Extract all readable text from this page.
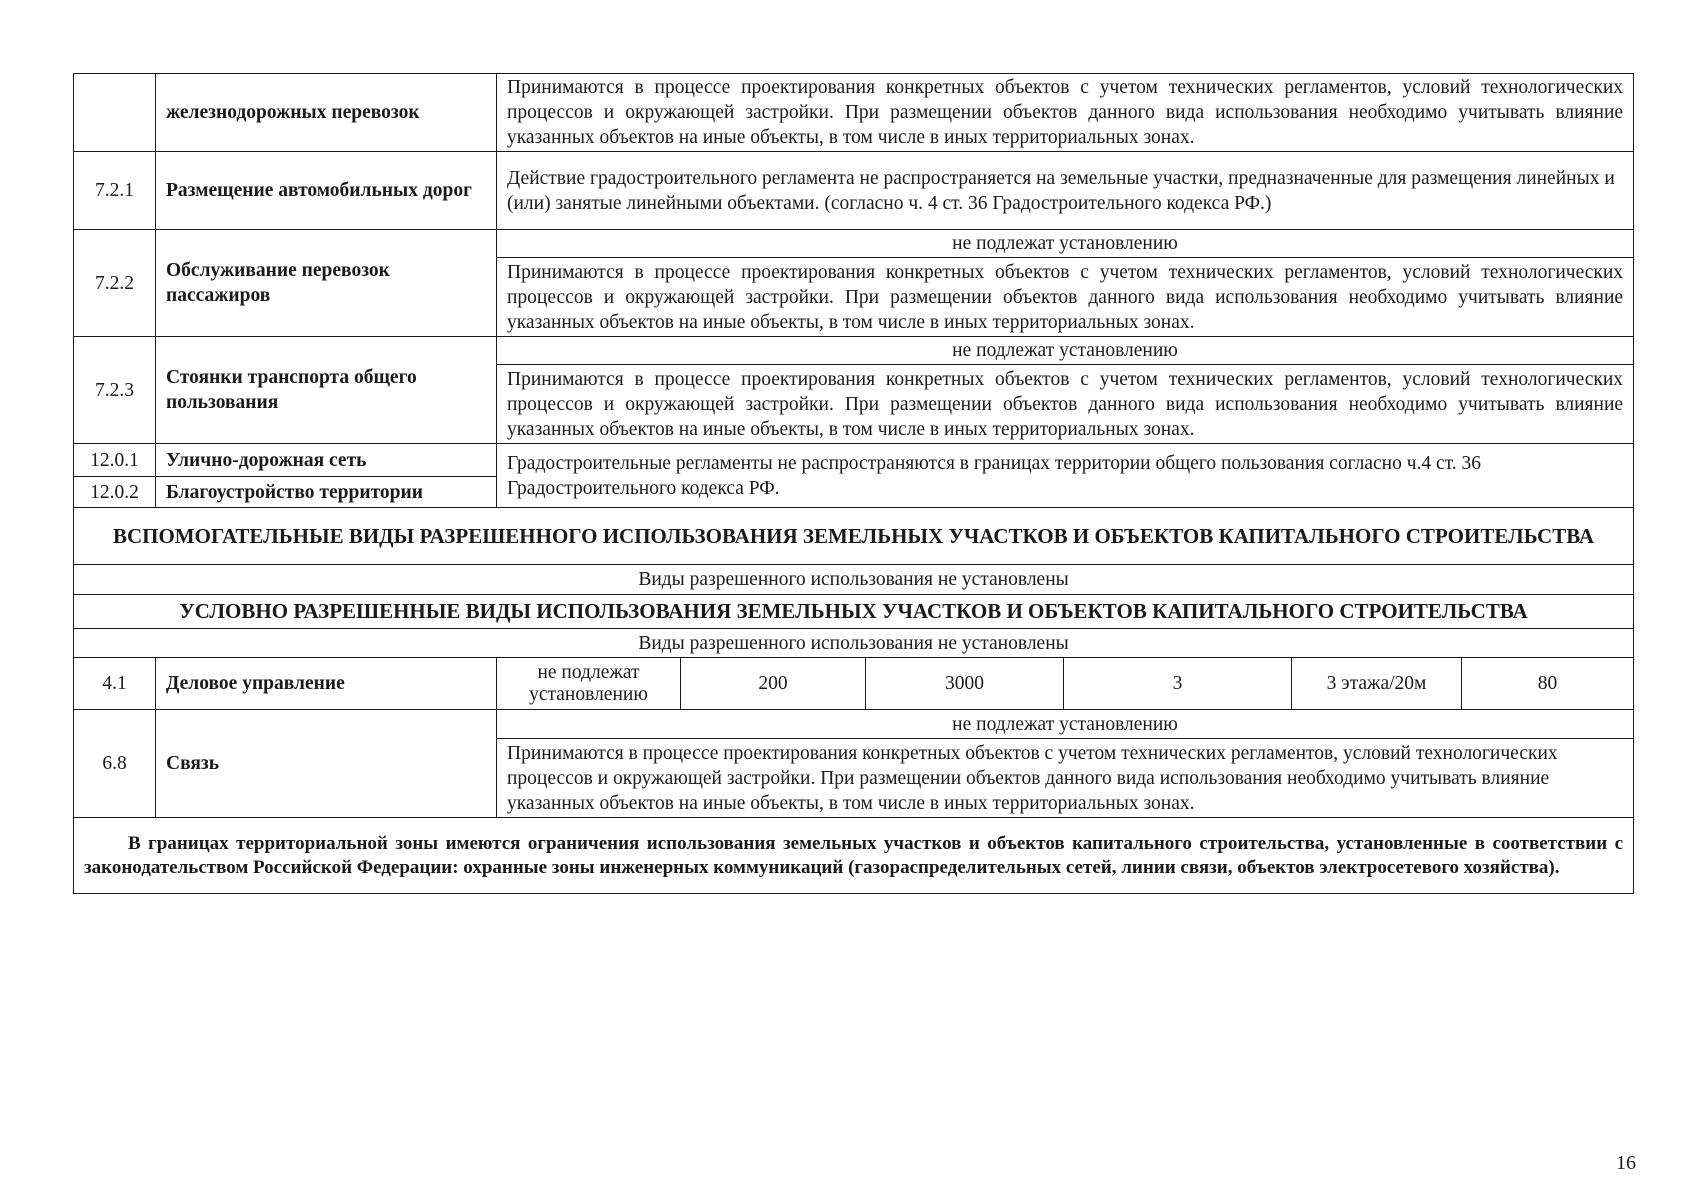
	железнодорожных перевозок	Принимаются в процессе проектирования конкретных объектов с учетом технических регламентов, условий технологических процессов и окружающей застройки. При размещении объектов данного вида использования необходимо учитывать влияние указанных объектов на иные объекты, в том числе в иных территориальных зонах.					
7.2.1	Размещение автомобильных дорог	Действие градостроительного регламента не распространяется на земельные участки, предназначенные для размещения линейных и (или) занятые линейными объектами. (согласно ч. 4 ст. 36 Градостроительного кодекса РФ.)					
7.2.2	Обслуживание перевозок пассажиров	не подлежат установлению					
		Принимаются в процессе проектирования конкретных объектов с учетом технических регламентов, условий технологических процессов и окружающей застройки. При размещении объектов данного вида использования необходимо учитывать влияние указанных объектов на иные объекты, в том числе в иных территориальных зонах.					
7.2.3	Стоянки транспорта общего пользования	не подлежат установлению					
		Принимаются в процессе проектирования конкретных объектов с учетом технических регламентов, условий технологических процессов и окружающей застройки. При размещении объектов данного вида использования необходимо учитывать влияние указанных объектов на иные объекты, в том числе в иных территориальных зонах.					
12.0.1	Улично-дорожная сеть	Градостроительные регламенты не распространяются в границах территории общего пользования согласно ч.4 ст. 36 Градостроительного кодекса РФ.					
12.0.2	Благоустройство территории						
ВСПОМОГАТЕЛЬНЫЕ ВИДЫ РАЗРЕШЕННОГО ИСПОЛЬЗОВАНИЯ ЗЕМЕЛЬНЫХ УЧАСТКОВ И ОБЪЕКТОВ КАПИТАЛЬНОГО СТРОИТЕЛЬСТВА							
Виды разрешенного использования не установлены							
УСЛОВНО РАЗРЕШЕННЫЕ ВИДЫ ИСПОЛЬЗОВАНИЯ ЗЕМЕЛЬНЫХ УЧАСТКОВ И ОБЪЕКТОВ КАПИТАЛЬНОГО СТРОИТЕЛЬСТВА							
Виды разрешенного использования не установлены							
4.1	Деловое управление	не подлежат установлению	200	3000	3	3 этажа/20м	80
6.8	Связь	не подлежат установлению					
		Принимаются в процессе проектирования конкретных объектов с учетом технических регламентов, условий технологических процессов и окружающей застройки. При размещении объектов данного вида использования необходимо учитывать влияние указанных объектов на иные объекты, в том числе в иных территориальных зонах.					
В границах территориальной зоны имеются ограничения использования земельных участков и объектов капитального строительства, установленные в соответствии с законодательством Российской Федерации: охранные зоны инженерных коммуникаций (газораспределительных сетей, линии связи, объектов электросетевого хозяйства).							
16
